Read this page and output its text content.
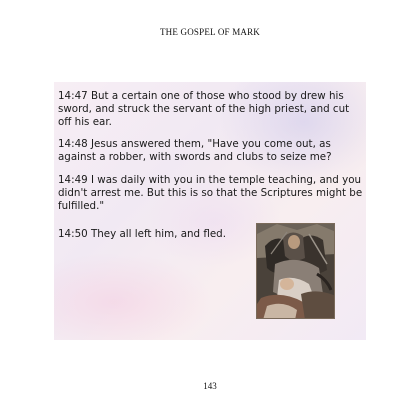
THE GOSPEL OF MARK

14:47 But a certain one of those who stood by drew his sword, and struck the servant of the high priest, and cut off his ear.

14:48 Jesus answered them, "Have you come out, as against a robber, with swords and clubs to seize me?

14:49 I was daily with you in the temple teaching, and you didn't arrest me. But this is so that the Scriptures might be fulfilled."

14:50 They all left him, and fled.

143
